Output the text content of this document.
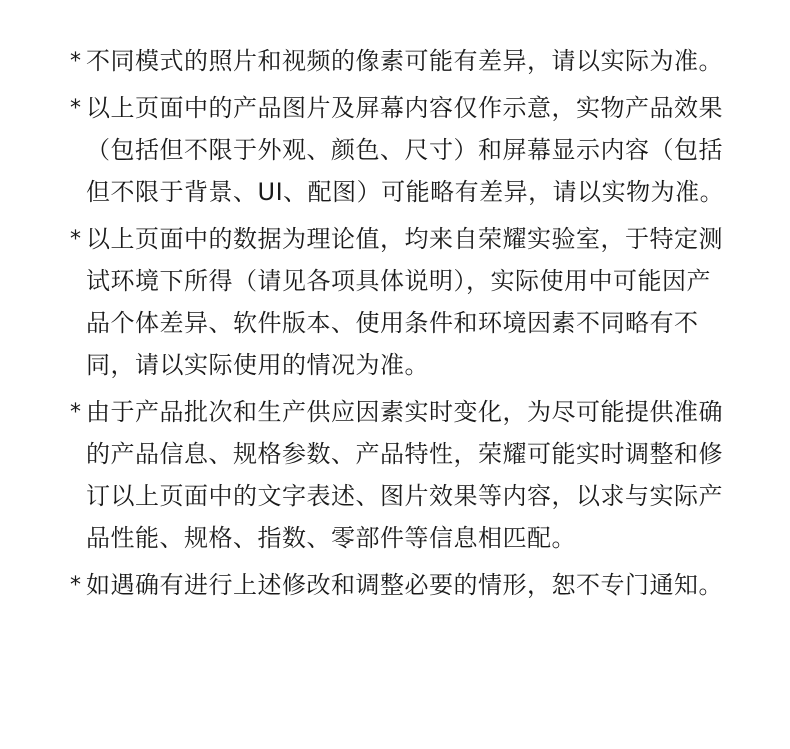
* 不同模式的照片和视频的像素可能有差异，请以实际为准。
* 以上页面中的产品图片及屏幕内容仅作示意，实物产品效果（包括但不限于外观、颜色、尺寸）和屏幕显示内容（包括但不限于背景、UI、配图）可能略有差异，请以实物为准。
* 以上页面中的数据为理论值，均来自荣耀实验室，于特定测试环境下所得（请见各项具体说明），实际使用中可能因产品个体差异、软件版本、使用条件和环境因素不同略有不同，请以实际使用的情况为准。
* 由于产品批次和生产供应因素实时变化，为尽可能提供准确的产品信息、规格参数、产品特性，荣耀可能实时调整和修订以上页面中的文字表述、图片效果等内容，以求与实际产品性能、规格、指数、零部件等信息相匹配。
* 如遇确有进行上述修改和调整必要的情形，恕不专门通知。
